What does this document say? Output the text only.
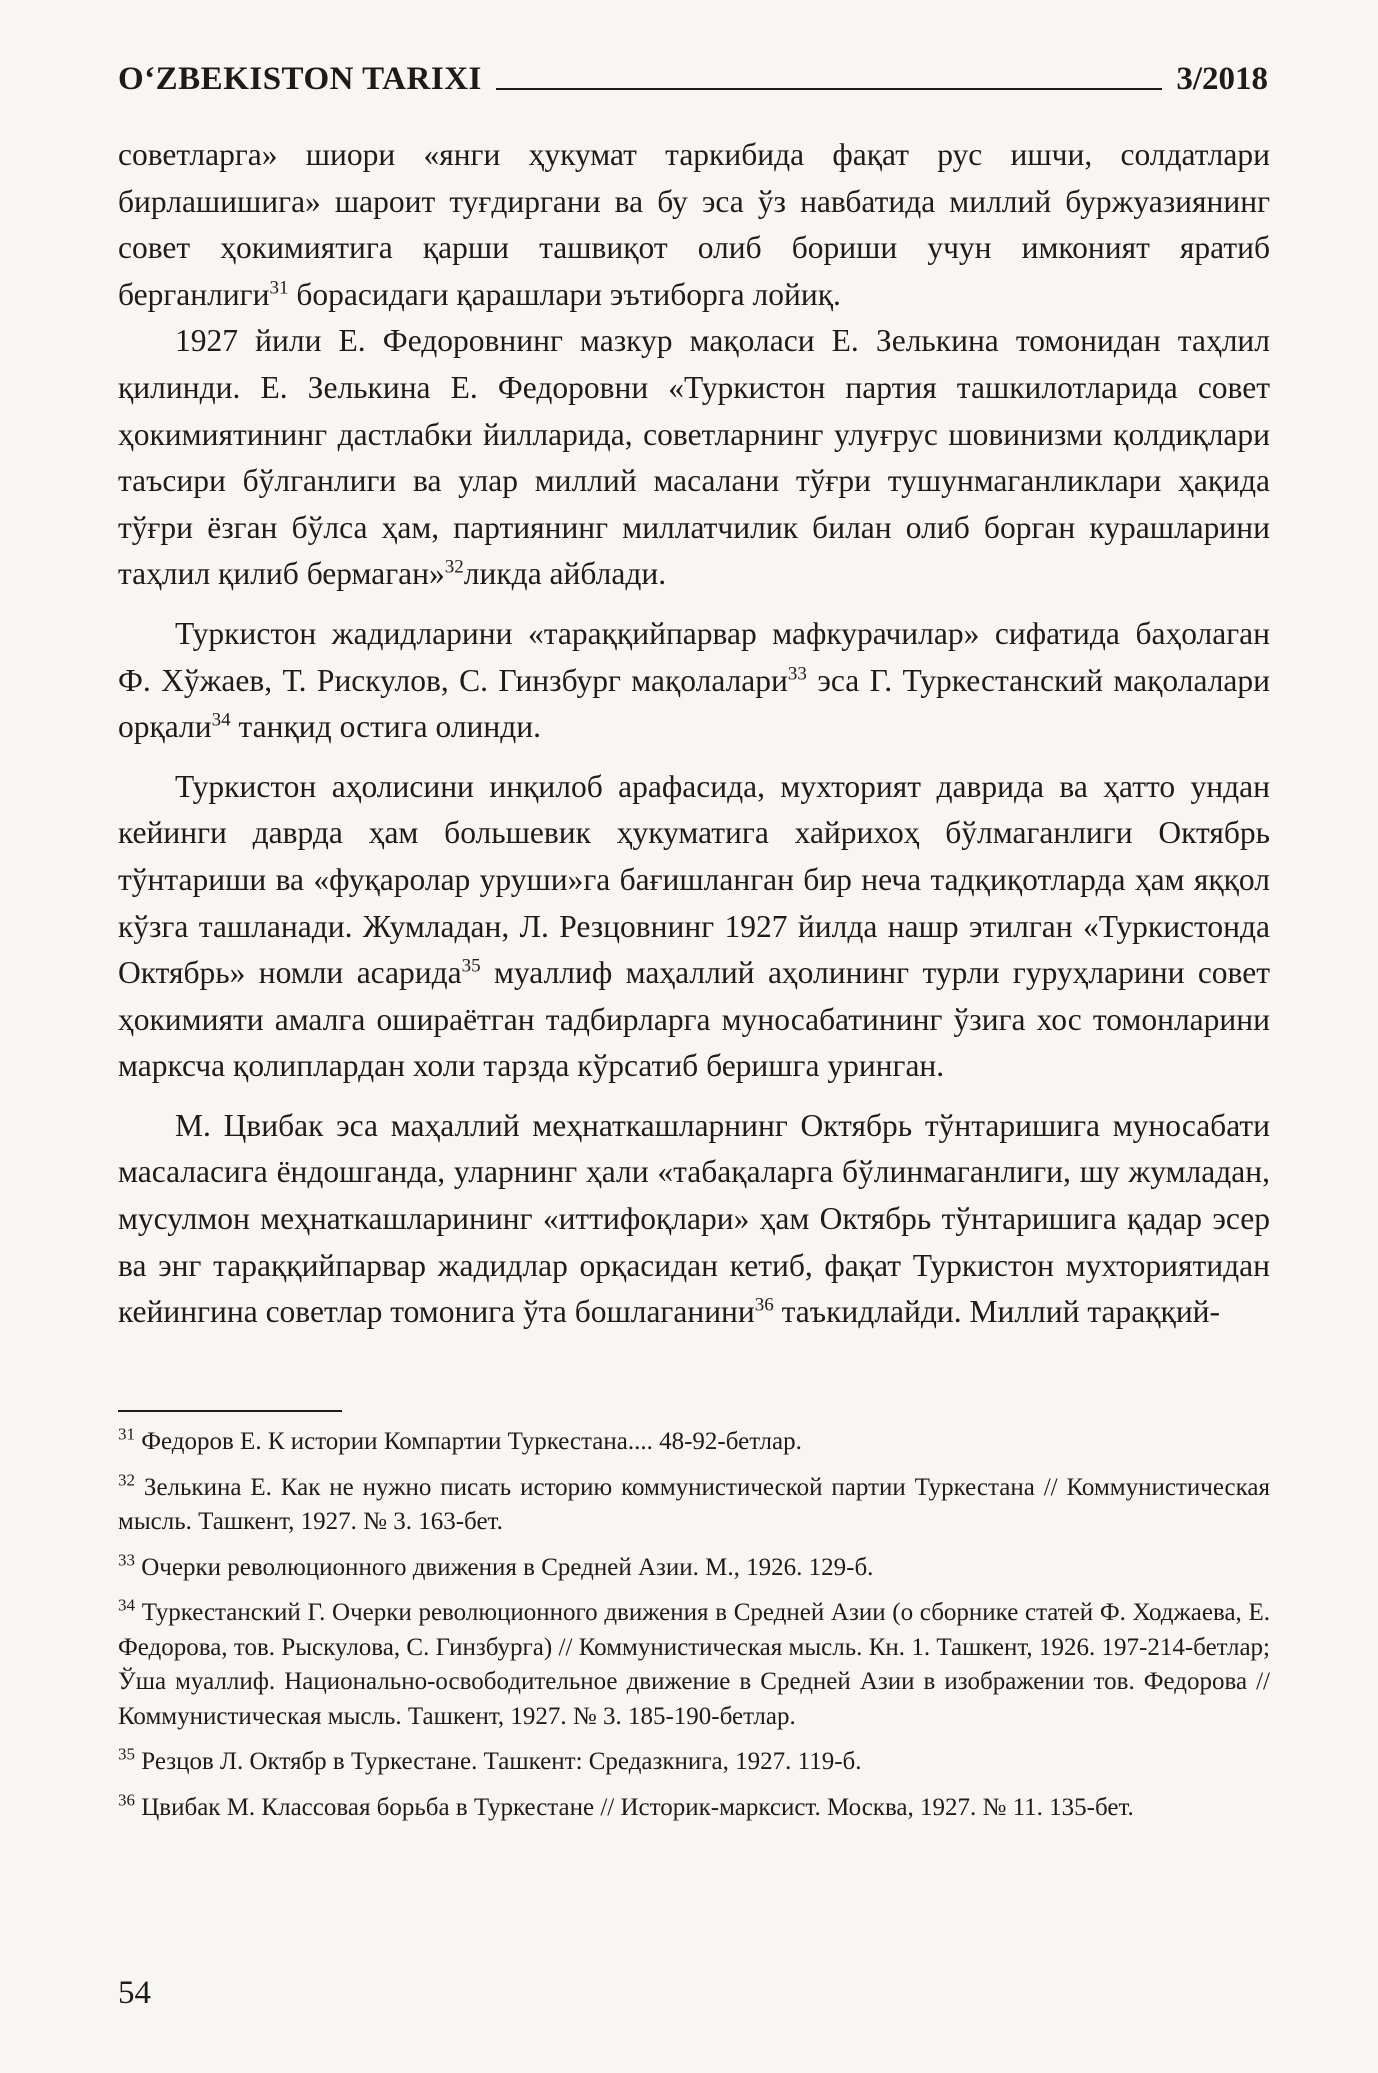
O‘ZBEKISTON TARIXI	3/2018

советларга» шиори «янги ҳукумат таркибида фақат рус ишчи, солдатлари бирлашишига» шароит туғдиргани ва бу эса ўз навбатида миллий буржуазиянинг совет ҳокимиятига қарши ташвиқот олиб бориши учун имконият яратиб берганлиги$^{31}$ борасидаги қарашлари эътиборга лойиқ.

1927 йили Е. Федоровнинг мазкур мақоласи Е. Зелькина томонидан таҳлил қилинди. Е. Зелькина Е. Федоровни «Туркистон партия ташкилотларида совет ҳокимиятининг дастлабки йилларида, советларнинг улуғрус шовинизми қолдиқлари таъсири бўлганлиги ва улар миллий масалани тўғри тушунмаганликлари ҳақида тўғри ёзган бўлса ҳам, партиянинг миллатчилик билан олиб борган курашларини таҳлил қилиб бермаган»$^{32}$ликда айблади.

Туркистон жадидларини «тараққийпарвар мафкурачилар» сифатида баҳолаган Ф. Хўжаев, Т. Рискулов, С. Гинзбург мақолалари$^{33}$ эса Г. Туркестанский мақолалари орқали$^{34}$ танқид остига олинди.

Туркистон аҳолисини инқилоб арафасида, мухторият даврида ва ҳатто ундан кейинги даврда ҳам большевик ҳукуматига хайрихоҳ бўлмаганлиги Октябрь тўнтариши ва «фуқаролар уруши»га бағишланган бир неча тадқиқотларда ҳам яққол кўзга ташланади. Жумладан, Л. Резцовнинг 1927 йилда нашр этилган «Туркистонда Октябрь» номли асарида$^{35}$ муаллиф маҳаллий аҳолининг турли гуруҳларини совет ҳокимияти амалга ошираётган тадбирларга муносабатининг ўзига хос томонларини марксча қолиплардан холи тарзда кўрсатиб беришга уринган.

М. Цвибак эса маҳаллий меҳнаткашларнинг Октябрь тўнтаришига муносабати масаласига ёндошганда, уларнинг ҳали «табақаларга бўлинмаганлиги, шу жумладан, мусулмон меҳнаткашларининг «иттифоқлари» ҳам Октябрь тўнтаришига қадар эсер ва энг тараққийпарвар жадидлар орқасидан кетиб, фақат Туркистон мухториятидан кейингина советлар томонига ўта бошлаганини$^{36}$ таъкидлайди. Миллий тараққий-

$^{31}$ Федоров Е. К истории Компартии Туркестана.... 48-92-бетлар.

$^{32}$ Зелькина Е. Как не нужно писать историю коммунистической партии Туркестана // Коммунистическая мысль. Ташкент, 1927. № 3. 163-бет.

$^{33}$ Очерки революционного движения в Средней Азии. М., 1926. 129-б.

$^{34}$ Туркестанский Г. Очерки революционного движения в Средней Азии (о сборнике статей Ф. Ходжаева, Е. Федорова, тов. Рыскулова, С. Гинзбурга) // Коммунистическая мысль. Кн. 1. Ташкент, 1926. 197-214-бетлар; Ўша муаллиф. Национально-освободительное движение в Средней Азии в изображении тов. Федорова // Коммунистическая мысль. Ташкент, 1927. № 3. 185-190-бетлар.

$^{35}$ Резцов Л. Октябр в Туркестане. Ташкент: Средазкнига, 1927. 119-б.

$^{36}$ Цвибак М. Классовая борьба в Туркестане // Историк-марксист. Москва, 1927. № 11. 135-бет.

54
